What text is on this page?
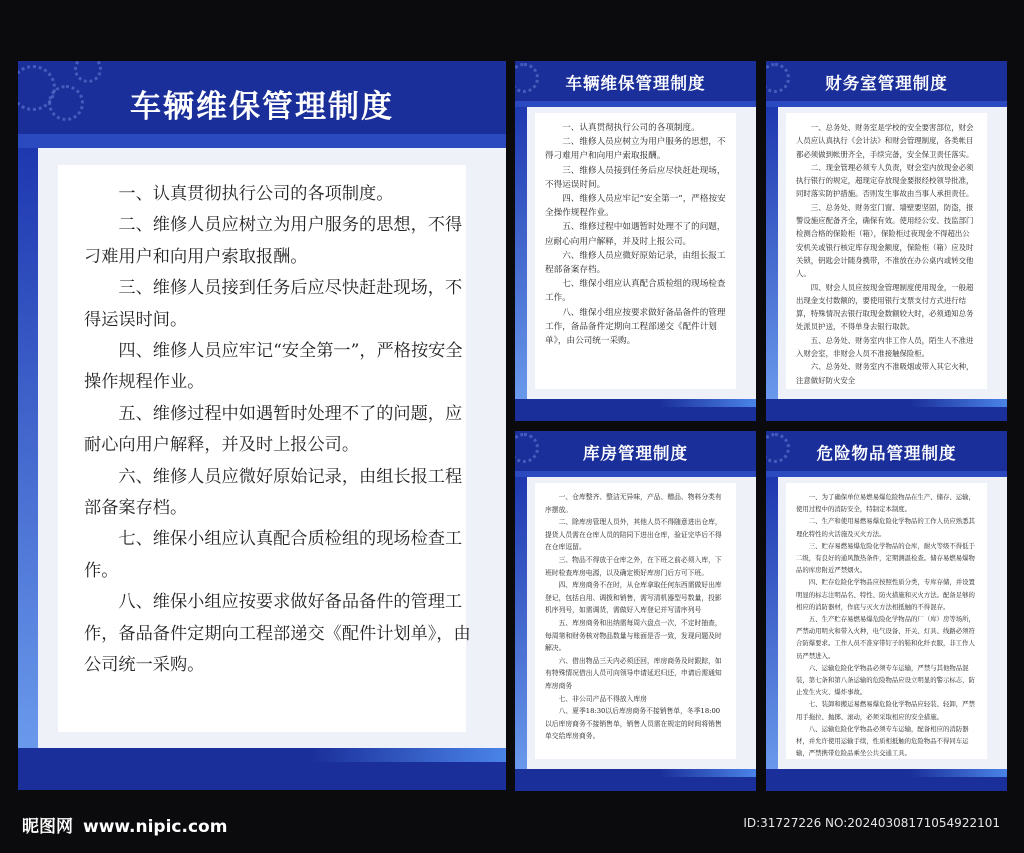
车辆维保管理制度

一、认真贯彻执行公司的各项制度。

二、维修人员应树立为用户服务的思想，不得刁难用户和向用户索取报酬。

三、维修人员接到任务后应尽快赶赴现场，不得运误时间。

四、维修人员应牢记“安全第一”，严格按安全操作规程作业。

五、维修过程中如遇暂时处理不了的问题，应耐心向用户解释，并及时上报公司。

六、维修人员应微好原始记录，由组长报工程部备案存档。

七、维保小组应认真配合质检组的现场检查工作。

八、维保小组应按要求做好备品备件的管理工作，备品备件定期向工程部递交《配件计划单》，由公司统一采购。

车辆维保管理制度

一、认真贯彻执行公司的各项制度。

二、维修人员应树立为用户服务的思想，不得刁难用户和向用户索取报酬。

三、维修人员接到任务后应尽快赶赴现场，不得运误时间。

四、维修人员应牢记“安全第一”，严格按安全操作规程作业。

五、维修过程中如遇暂时处理不了的问题，应耐心向用户解释，并及时上报公司。

六、维修人员应微好原始记录，由组长报工程部备案存档。

七、维保小组应认真配合质检组的现场检查工作。

八、维保小组应按要求做好备品备件的管理工作，备品备件定期向工程部递交《配件计划单》，由公司统一采购。

财务室管理制度

一、总务处、财务室是学校的安全要害部位，财会人员应认真执行《会计法》和财会管理制度，各类帐目都必须做到帐册齐全，手续完备，安全保卫责任落实。

二、现金管理必须专人负责，财会室内放现金必须执行银行的规定，超现定存放现金要报经校领导批准，同时落实防护措施。否则发生事故由当事人承担责任。

三、总务处、财务室门窗、墙壁要坚固，防盗，报警设施应配备齐全，确保有效。使用经公安、技监部门检测合格的保险柜（箱），保险柜过夜现金不得超出公安机关或银行核定库存现金额度，保险柜（箱）应及时关锁，钥匙会计随身携带，不准放在办公桌内或转交他人。

四、财会人员应按现金管理制度使用现金，一般超出现金支付数额的，要使用银行支票支付方式进行结算，特殊情况去银行取现金数额较大时，必须通知总务处派员护送，不得单身去银行取款。

五、总务处、财务室内非工作人员，陌生人不准进入财会室，非财会人员不准接触保险柜。

六、总务处、财务室内不准吸烟或带入其它火种，注意做好防火安全

库房管理制度

一、仓库整齐、整洁无异味，产品、赠品、物料分类有序摆放。

二、除库房管理人员外，其他人员不得随意进出仓库，提货人员需在仓库人员的陪同下进出仓库，验证完毕后不得在仓库逗留。

三、物品不得放于仓库之外，在下班之前必须入库，下班时检查库房电源，以及确定锁好库房门后方可下班。

四、库房商务不在时，从仓库拿取任何东西需做好出库登记，包括自用、调拨和销售，需写清机器型号数量，投影机序列号，如需调货，需做好入库登记并写清序列号

五、库房商务和出纳需每周六盘点一次，不定时抽查，每周第和财务核对物品数量与账面是否一致，发现问题及时解决。

六、借出物品三天内必须还回，库房商务及时跟踪，如有特殊情况借出人员可向领导申请延迟归还，申请后需通知库房商务

七、非公司产品不得放入库房

八、夏季18:30以后库房商务不接销售单，冬季18:00以后库房商务不接销售单，销售人员需在规定的时间将销售单交给库房商务。

危险物品管理制度

一、为了确保单位易燃易爆危险物品在生产、储存、运输，使用过程中的消防安全，特制定本制度。

二、生产和使用易燃易爆危险化学物品的工作人员应熟悉其理化特性的火活施及灭火方法。

三、贮存易燃易爆危险化学物品的仓库，耐火等级不得低于二级，有良好的通风散热条件，定期测温检查。储存易燃易爆物品的库房附近严禁烟火。

四、贮存危险化学物品应按照性质分类，专库存储，并设置明显的标志注明品名、特性、防火措施和灭火方法。配备足够的相应的消防器材，作底与灭火方法相抵触的不得混存。

五、生产贮存易燃易爆危险化学物品的厂（库）房等场所，严禁动用明火和带入火种，电气设备、开关、灯具、线路必须符合防爆要求。工作人员不准穿带钉子的鞋和化纤衣服，非工作人员严禁进入。

六、运输危险化学物品必须专车运输，严禁与其他物品混装，第七条和第八条运输的危险物品应设立明显的警示标志，防止发生火灾、爆炸事故。

七、装卸和搬运易燃易爆危险化学物品应轻装、轻卸，严禁用手拖拉、抛掷、滚动，必须采取相应的安全措施。

八、运输危险化学物品必须专车运输，配备相应的消防器材，并允许使用运输手续，性质相抵触的危险物品不得同车运输，严禁携带危险品乘坐公共交通工具。

昵图网 www.nipic.com	ID:31727226 NO:20240308171054922101
